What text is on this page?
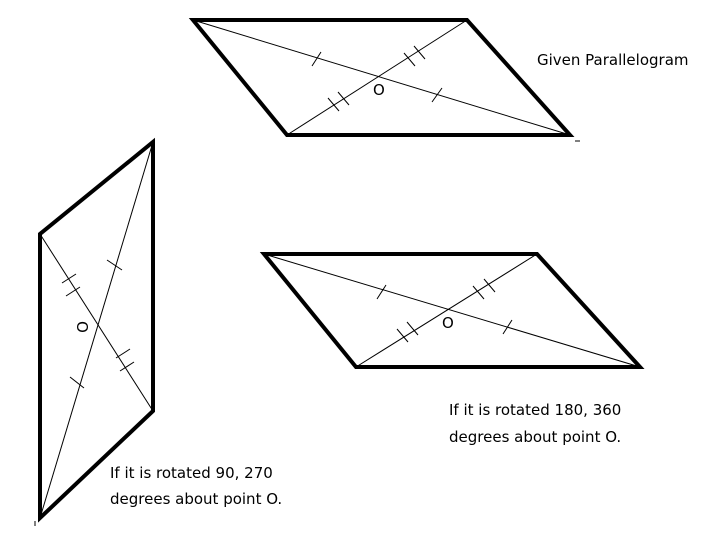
O
O
O
Given Parallelogram
If it is rotated 180, 360
degrees about point O.
If it is rotated 90, 270
degrees about point O.
